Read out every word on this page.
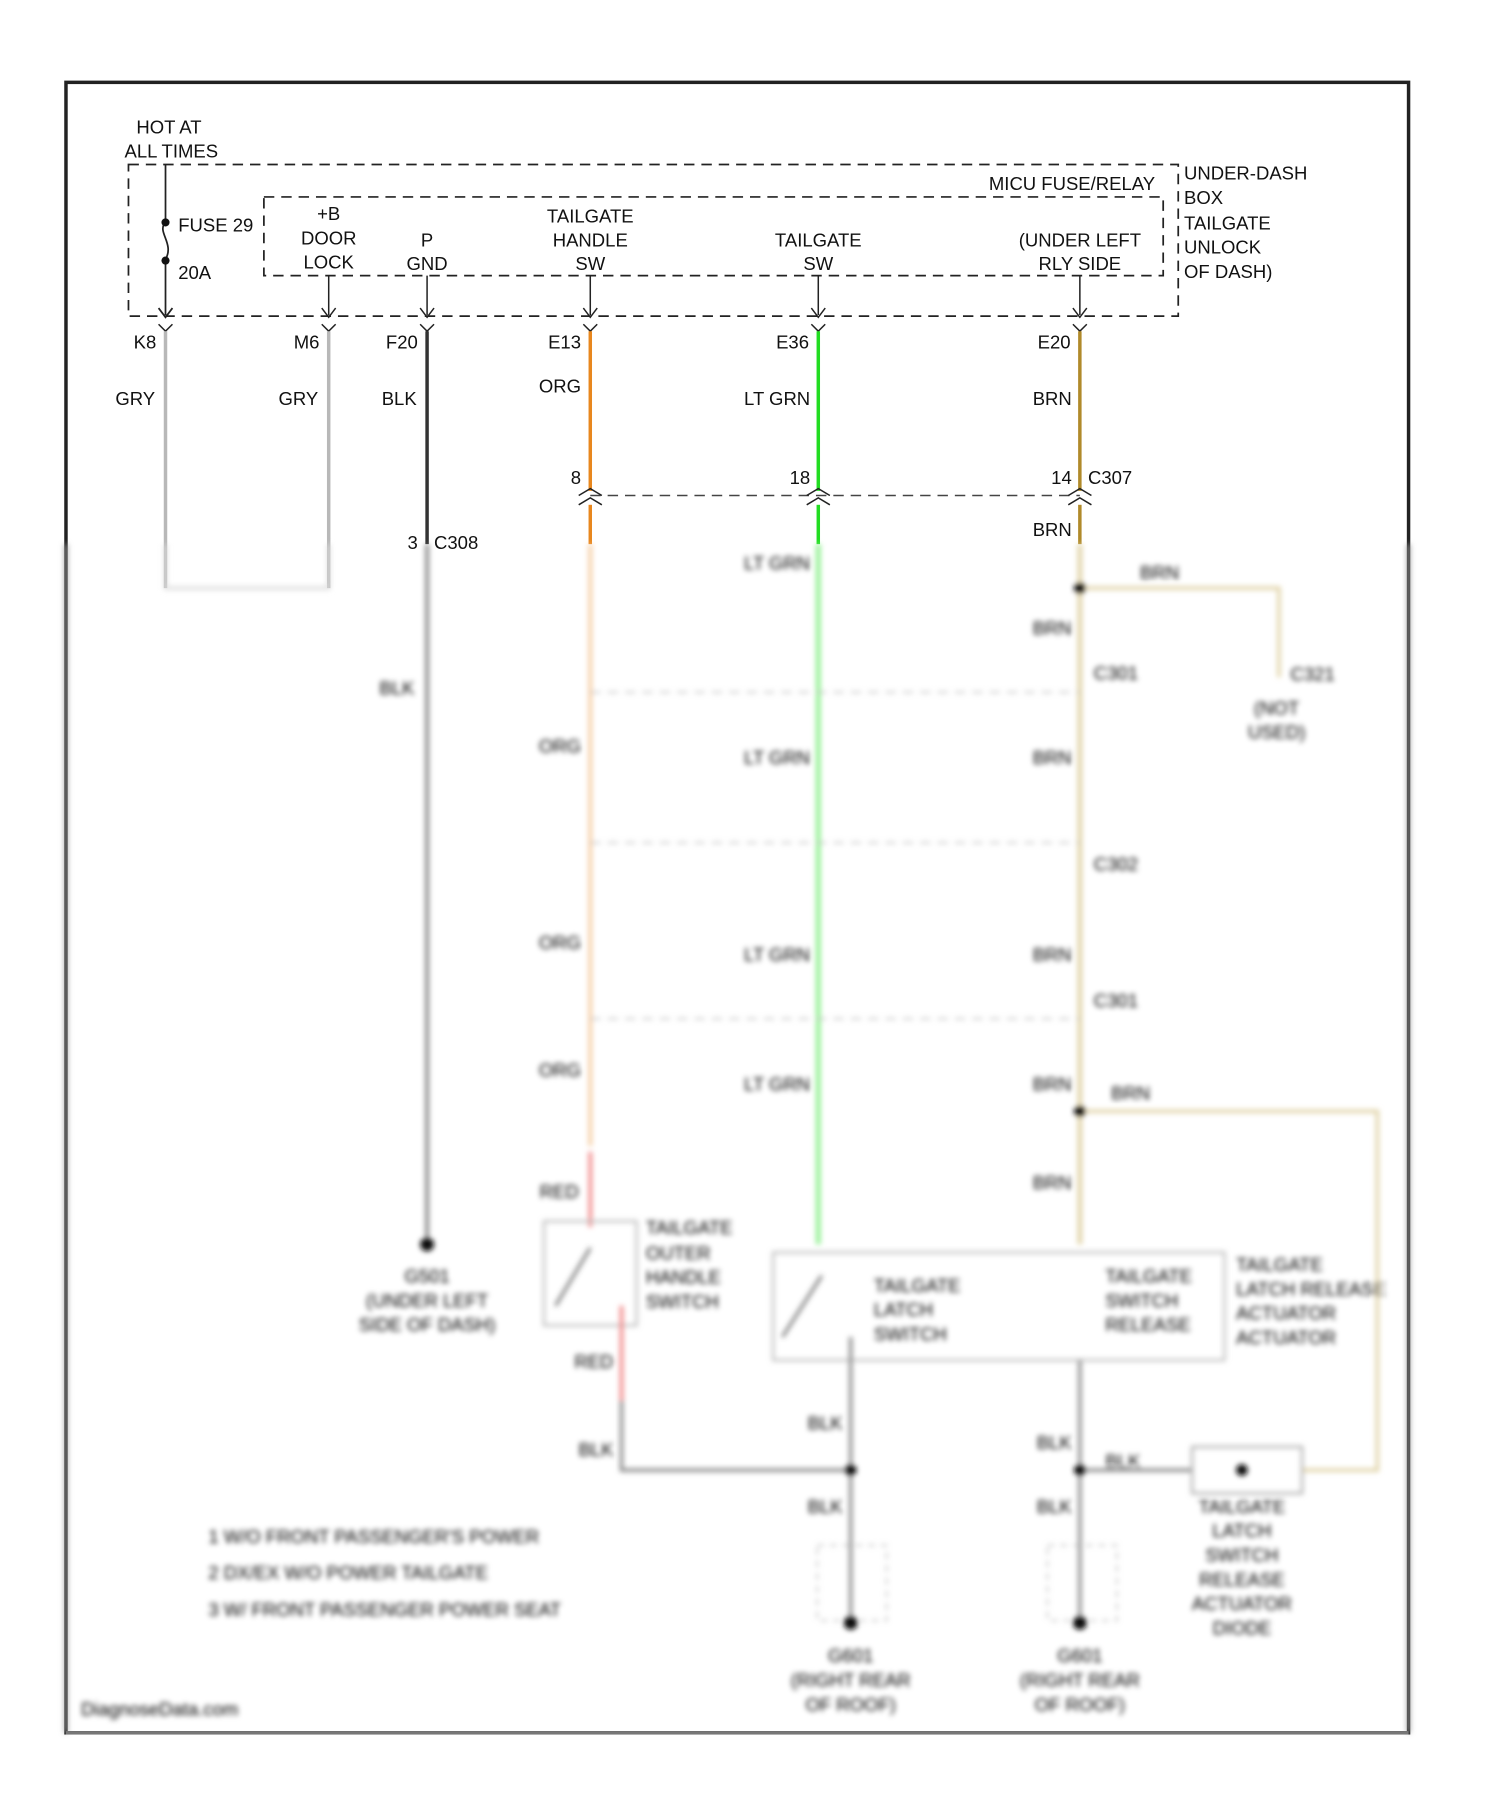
HOT AT
ALL TIMES
MICU FUSE/RELAY UNDER-DASH
BOX
TAILGATE
UNLOCK
OF DASH)
FUSE 29
20A
+B
DOOR
LOCK
P
GND
TAILGATE
HANDLE
SW
TAILGATE
SW
(UNDER LEFT
RLY SIDE
K8	M6	F20	E13	E36	E20
GRY	GRY	BLK
ORG
LT GRN	BRN
8	18	14 C307
BRN
3 C308
BLK
ORG
ORG
ORG
RED
RED
BLK
LT GRN
LT GRN
LT GRN
LT GRN
BRN
BRN
BRN
BRN
BRN
BRN
BRN
BLK
BLK
BLK
BLK
BLK
C301
C302
C301
C321
(NOT
USED)
G501
(UNDER LEFT
SIDE OF DASH)
TAILGATE
OUTER
HANDLE
SWITCH
TAILGATE
LATCH
SWITCH
TAILGATE
SWITCH
RELEASE
TAILGATE
LATCH RELEASE
ACTUATOR
ACTUATOR
TAILGATE
LATCH
SWITCH
RELEASE
ACTUATOR
DIODE
G601
(RIGHT REAR
OF ROOF)
G601
(RIGHT REAR
OF ROOF)
1 W/O FRONT PASSENGER'S POWER
2 DX/EX W/O POWER TAILGATE
3 W/ FRONT PASSENGER POWER SEAT
DiagnoseData.com
